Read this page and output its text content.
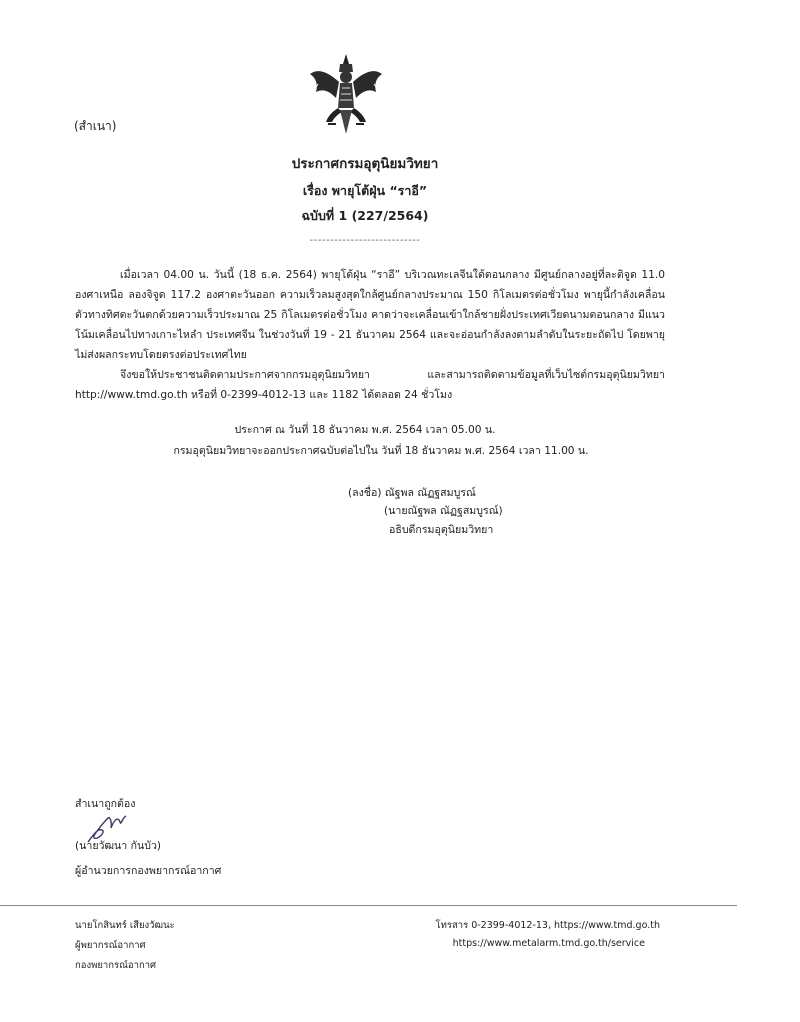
(สำเนา)
ประกาศกรมอุตุนิยมวิทยา
เรื่อง พายุโต้ฝุ่น “ราอี”
ฉบับที่ 1 (227/2564)
---------------------------
เมื่อเวลา 04.00 น. วันนี้ (18 ธ.ค. 2564) พายุโต้ฝุ่น “ราอี” บริเวณทะเลจีนใต้ตอนกลาง มีศูนย์กลางอยู่ที่ละติจูด 11.0 องศาเหนือ ลองจิจูด 117.2 องศาตะวันออก ความเร็วลมสูงสุดใกล้ศูนย์กลางประมาณ 150 กิโลเมตรต่อชั่วโมง พายุนี้กำลังเคลื่อนตัวทางทิศตะวันตกด้วยความเร็วประมาณ 25 กิโลเมตรต่อชั่วโมง คาดว่าจะเคลื่อนเข้าใกล้ชายฝั่งประเทศเวียดนามตอนกลาง มีแนวโน้มเคลื่อนไปทางเกาะไหลำ ประเทศจีน ในช่วงวันที่ 19 - 21 ธันวาคม 2564 และจะอ่อนกำลังลงตามลำดับในระยะถัดไป โดยพายุไม่ส่งผลกระทบโดยตรงต่อประเทศไทย
จึงขอให้ประชาชนติดตามประกาศจากกรมอุตุนิยมวิทยา และสามารถติดตามข้อมูลที่เว็บไซต์กรมอุตุนิยมวิทยา http://www.tmd.go.th หรือที่ 0-2399-4012-13 และ 1182 ได้ตลอด 24 ชั่วโมง
ประกาศ ณ วันที่ 18 ธันวาคม พ.ศ. 2564 เวลา 05.00 น.
กรมอุตุนิยมวิทยาจะออกประกาศฉบับต่อไปใน วันที่ 18 ธันวาคม พ.ศ. 2564 เวลา 11.00 น.
(ลงชื่อ) ณัฐพล ณัฏฐสมบูรณ์
(นายณัฐพล ณัฏฐสมบูรณ์)
อธิบดีกรมอุตุนิยมวิทยา
สำเนาถูกต้อง
(นายวัฒนา กันบัว)
ผู้อำนวยการกองพยากรณ์อากาศ
นายโกสินทร์ เสียงวัฒนะ
ผู้พยากรณ์อากาศ
กองพยากรณ์อากาศ
โทรสาร 0-2399-4012-13, https://www.tmd.go.th
https://www.metalarm.tmd.go.th/service
